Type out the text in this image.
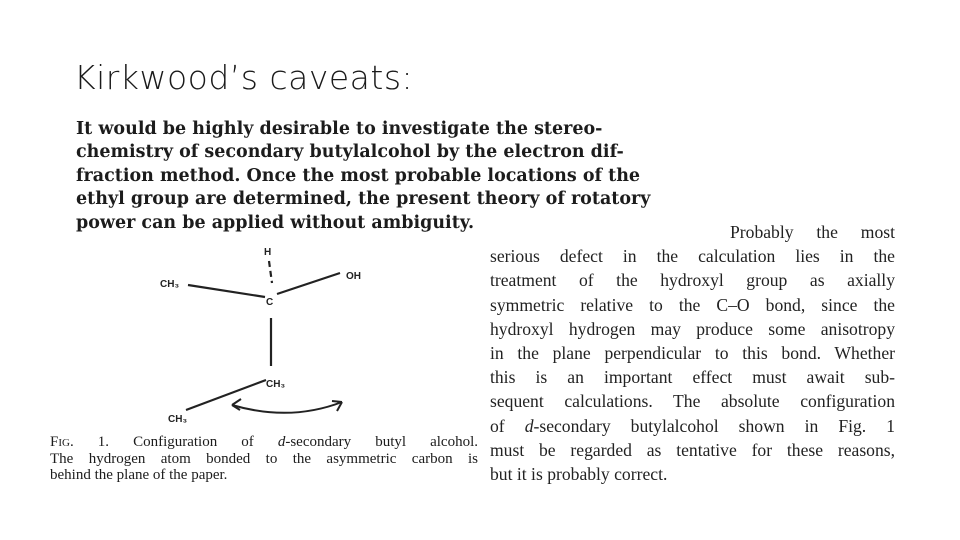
Kirkwood’s caveats:
It would be highly desirable to investigate the stereo-
chemistry of secondary butylalcohol by the electron dif-
fraction method. Once the most probable locations of the
ethyl group are determined, the present theory of rotatory
power can be applied without ambiguity.	Probably the most
serious defect in the calculation lies in the
treatment of the hydroxyl group as axially
symmetric relative to the C–O bond, since the
hydroxyl hydrogen may produce some anisotropy
in the plane perpendicular to this bond. Whether
this is an important effect must await sub-
sequent calculations. The absolute configuration
of d-secondary butylalcohol shown in Fig. 1
must be regarded as tentative for these reasons,
but it is probably correct.
H
OH
CH₃
C
CH₃
CH₃
Fig. 1. Configuration of d-secondary butyl alcohol.
The hydrogen atom bonded to the asymmetric carbon is
behind the plane of the paper.
